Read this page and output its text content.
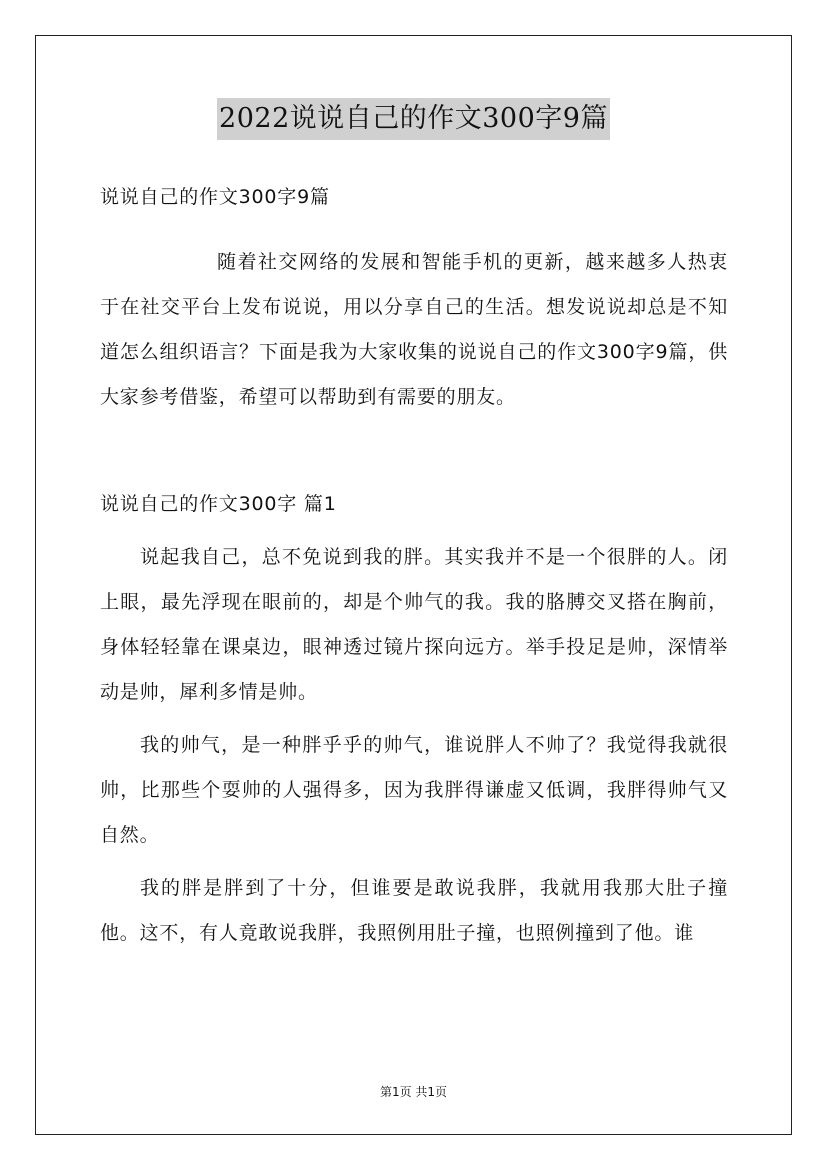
2022说说自己的作文300字9篇

说说自己的作文300字9篇

随着社交网络的发展和智能手机的更新，越来越多人热衷于在社交平台上发布说说，用以分享自己的生活。想发说说却总是不知道怎么组织语言？下面是我为大家收集的说说自己的作文300字9篇，供大家参考借鉴，希望可以帮助到有需要的朋友。

说说自己的作文300字 篇1

说起我自己，总不免说到我的胖。其实我并不是一个很胖的人。闭上眼，最先浮现在眼前的，却是个帅气的我。我的胳膊交叉搭在胸前，身体轻轻靠在课桌边，眼神透过镜片探向远方。举手投足是帅，深情举动是帅，犀利多情是帅。

我的帅气，是一种胖乎乎的帅气，谁说胖人不帅了？我觉得我就很帅，比那些个耍帅的人强得多，因为我胖得谦虚又低调，我胖得帅气又自然。

我的胖是胖到了十分，但谁要是敢说我胖，我就用我那大肚子撞他。这不，有人竟敢说我胖，我照例用肚子撞，也照例撞到了他。谁

第1页 共1页
